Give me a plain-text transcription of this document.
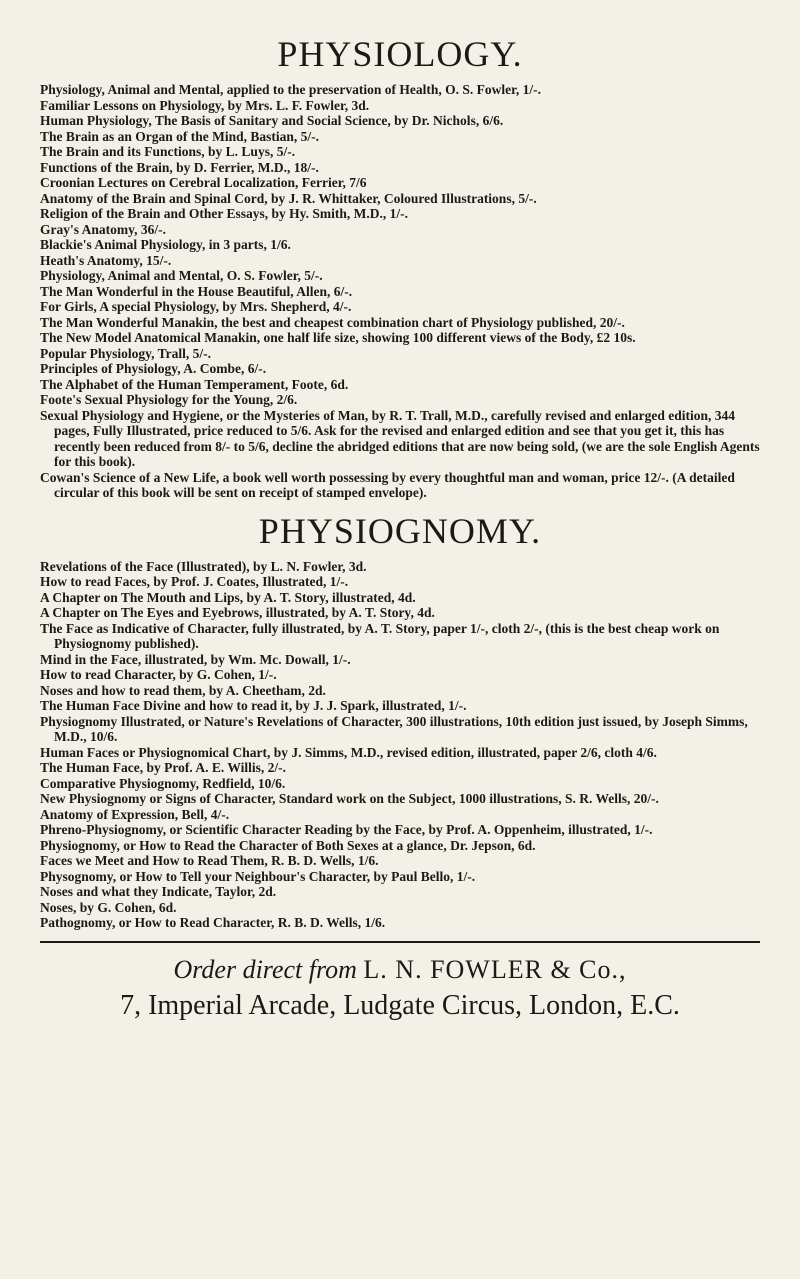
PHYSIOLOGY.
Physiology, Animal and Mental, applied to the preservation of Health, O. S. Fowler, 1/-.
Familiar Lessons on Physiology, by Mrs. L. F. Fowler, 3d.
Human Physiology, The Basis of Sanitary and Social Science, by Dr. Nichols, 6/6.
The Brain as an Organ of the Mind, Bastian, 5/-.
The Brain and its Functions, by L. Luys, 5/-.
Functions of the Brain, by D. Ferrier, M.D., 18/-.
Croonian Lectures on Cerebral Localization, Ferrier, 7/6
Anatomy of the Brain and Spinal Cord, by J. R. Whittaker, Coloured Illustrations, 5/-.
Religion of the Brain and Other Essays, by Hy. Smith, M.D., 1/-.
Gray's Anatomy, 36/-.
Blackie's Animal Physiology, in 3 parts, 1/6.
Heath's Anatomy, 15/-.
Physiology, Animal and Mental, O. S. Fowler, 5/-.
The Man Wonderful in the House Beautiful, Allen, 6/-.
For Girls, A special Physiology, by Mrs. Shepherd, 4/-.
The Man Wonderful Manakin, the best and cheapest combination chart of Physiology published, 20/-.
The New Model Anatomical Manakin, one half life size, showing 100 different views of the Body, £2 10s.
Popular Physiology, Trall, 5/-.
Principles of Physiology, A. Combe, 6/-.
The Alphabet of the Human Temperament, Foote, 6d.
Foote's Sexual Physiology for the Young, 2/6.
Sexual Physiology and Hygiene, or the Mysteries of Man, by R. T. Trall, M.D., carefully revised and enlarged edition, 344 pages, Fully Illustrated, price reduced to 5/6. Ask for the revised and enlarged edition and see that you get it, this has recently been reduced from 8/- to 5/6, decline the abridged editions that are now being sold, (we are the sole English Agents for this book).
Cowan's Science of a New Life, a book well worth possessing by every thoughtful man and woman, price 12/-. (A detailed circular of this book will be sent on receipt of stamped envelope).
PHYSIOGNOMY.
Revelations of the Face (Illustrated), by L. N. Fowler, 3d.
How to read Faces, by Prof. J. Coates, Illustrated, 1/-.
A Chapter on The Mouth and Lips, by A. T. Story, illustrated, 4d.
A Chapter on The Eyes and Eyebrows, illustrated, by A. T. Story, 4d.
The Face as Indicative of Character, fully illustrated, by A. T. Story, paper 1/-, cloth 2/-, (this is the best cheap work on Physiognomy published).
Mind in the Face, illustrated, by Wm. Mc. Dowall, 1/-.
How to read Character, by G. Cohen, 1/-.
Noses and how to read them, by A. Cheetham, 2d.
The Human Face Divine and how to read it, by J. J. Spark, illustrated, 1/-.
Physiognomy Illustrated, or Nature's Revelations of Character, 300 illustrations, 10th edition just issued, by Joseph Simms, M.D., 10/6.
Human Faces or Physiognomical Chart, by J. Simms, M.D., revised edition, illustrated, paper 2/6, cloth 4/6.
The Human Face, by Prof. A. E. Willis, 2/-.
Comparative Physiognomy, Redfield, 10/6.
New Physiognomy or Signs of Character, Standard work on the Subject, 1000 illustrations, S. R. Wells, 20/-.
Anatomy of Expression, Bell, 4/-.
Phreno-Physiognomy, or Scientific Character Reading by the Face, by Prof. A. Oppenheim, illustrated, 1/-.
Physiognomy, or How to Read the Character of Both Sexes at a glance, Dr. Jepson, 6d.
Faces we Meet and How to Read Them, R. B. D. Wells, 1/6.
Physognomy, or How to Tell your Neighbour's Character, by Paul Bello, 1/-.
Noses and what they Indicate, Taylor, 2d.
Noses, by G. Cohen, 6d.
Pathognomy, or How to Read Character, R. B. D. Wells, 1/6.
Order direct from L. N. FOWLER & Co.,
7, Imperial Arcade, Ludgate Circus, London, E.C.
